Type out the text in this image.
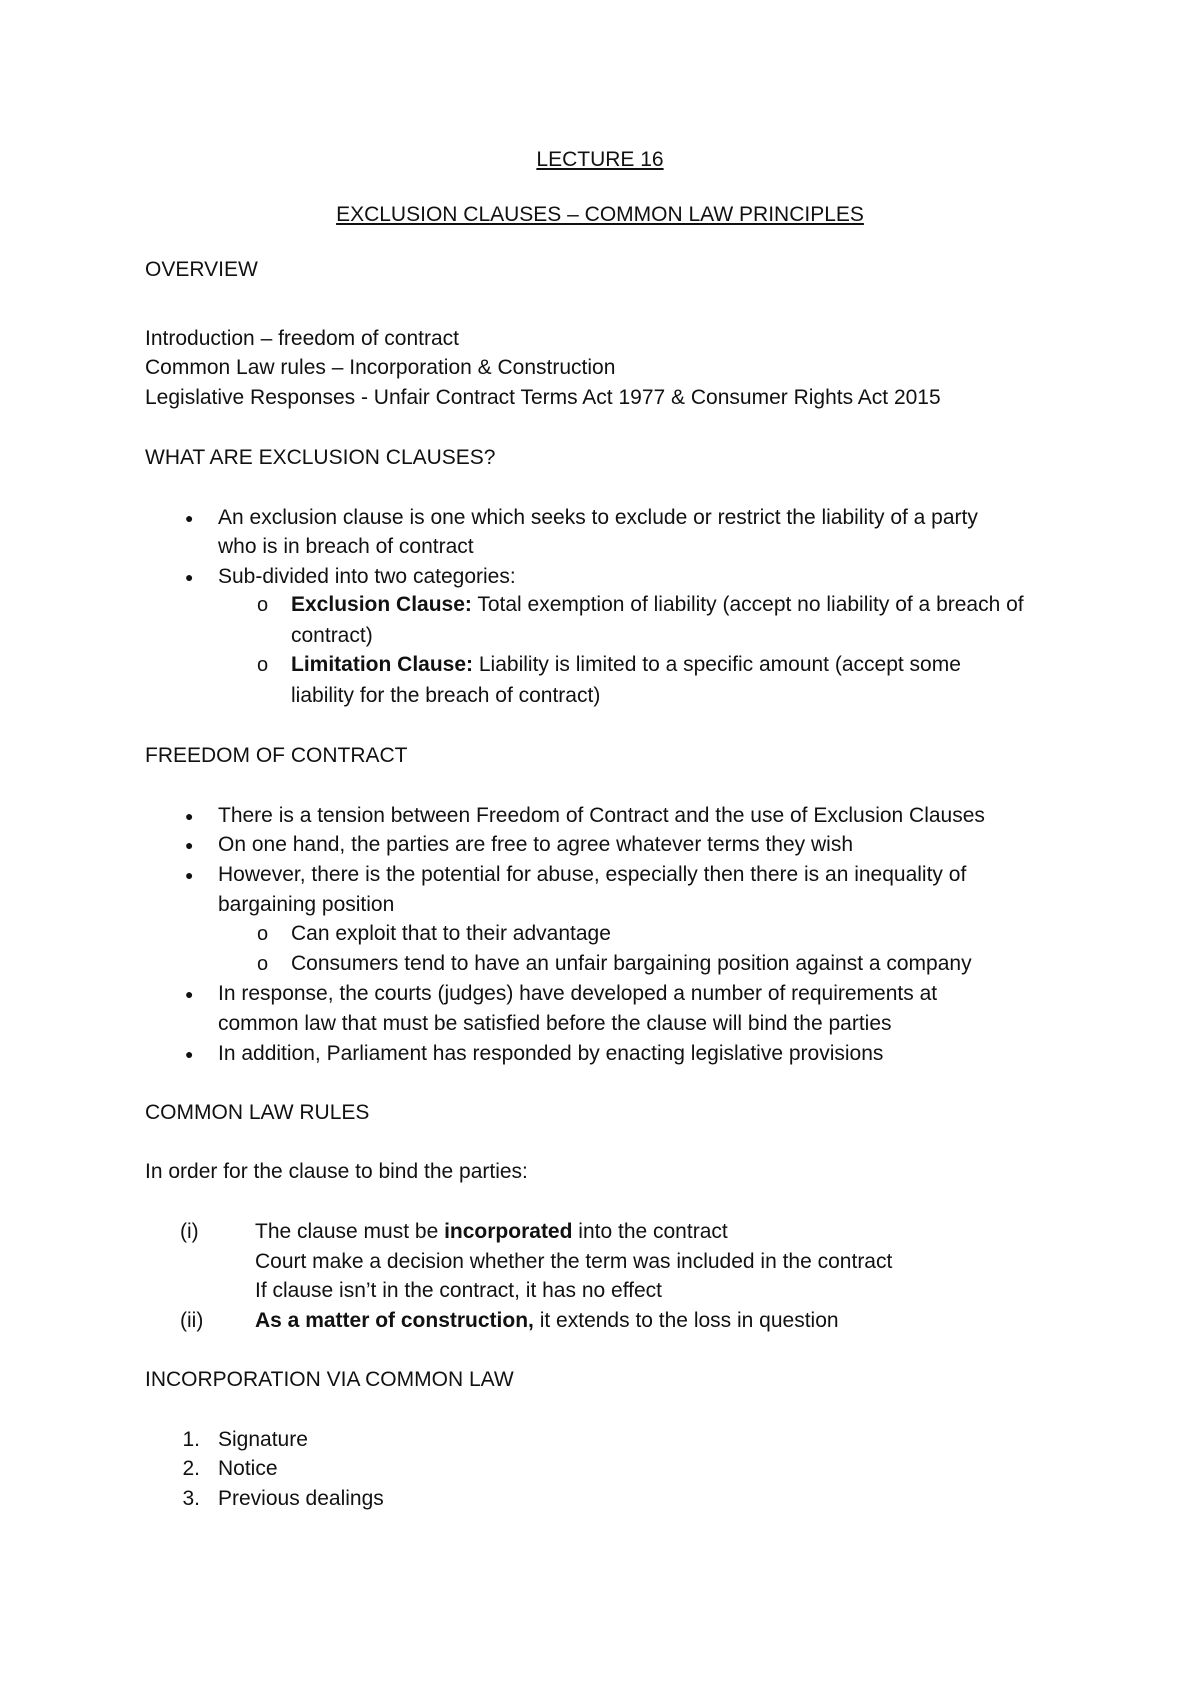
LECTURE 16
EXCLUSION CLAUSES – COMMON LAW PRINCIPLES
OVERVIEW
Introduction – freedom of contract
Common Law rules – Incorporation & Construction
Legislative Responses - Unfair Contract Terms Act 1977 & Consumer Rights Act 2015
WHAT ARE EXCLUSION CLAUSES?
● An exclusion clause is one which seeks to exclude or restrict the liability of a party
who is in breach of contract
● Sub-divided into two categories:
o Exclusion Clause: Total exemption of liability (accept no liability of a breach of
contract)
o Limitation Clause: Liability is limited to a specific amount (accept some
liability for the breach of contract)
FREEDOM OF CONTRACT
● There is a tension between Freedom of Contract and the use of Exclusion Clauses
● On one hand, the parties are free to agree whatever terms they wish
● However, there is the potential for abuse, especially then there is an inequality of
bargaining position
o Can exploit that to their advantage
o Consumers tend to have an unfair bargaining position against a company
● In response, the courts (judges) have developed a number of requirements at
common law that must be satisfied before the clause will bind the parties
● In addition, Parliament has responded by enacting legislative provisions
COMMON LAW RULES
In order for the clause to bind the parties:
(i)	The clause must be incorporated into the contract
Court make a decision whether the term was included in the contract
If clause isn’t in the contract, it has no effect
(ii) As a matter of construction, it extends to the loss in question
INCORPORATION VIA COMMON LAW
1. Signature
2. Notice
3. Previous dealings
